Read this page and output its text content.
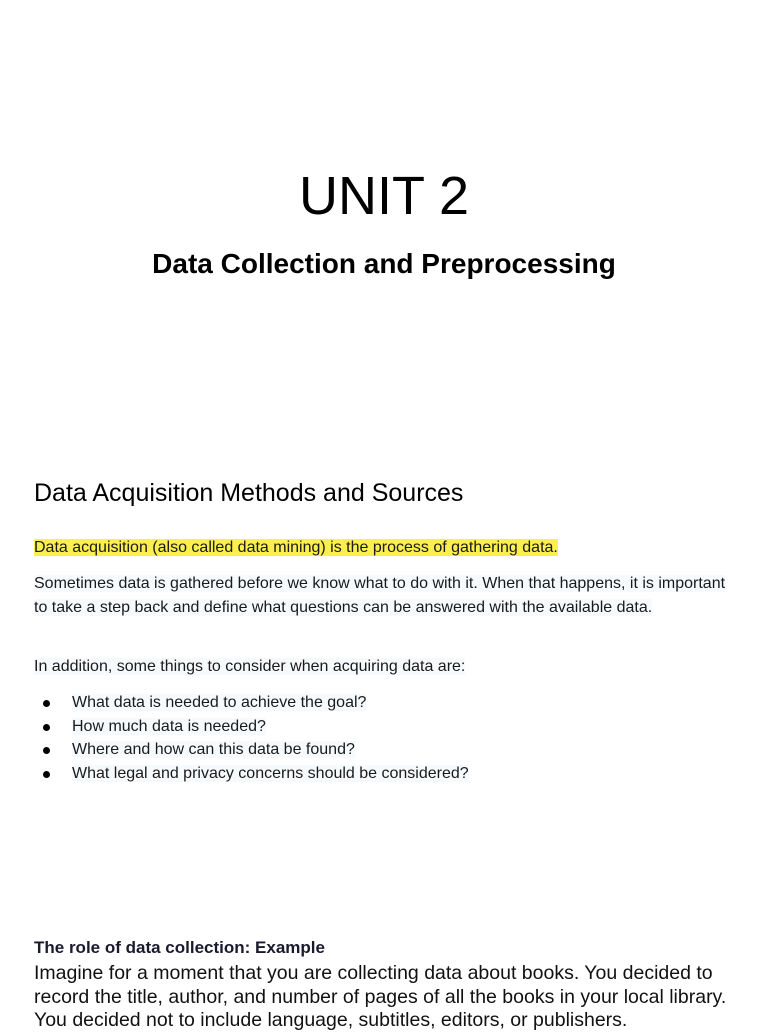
UNIT 2
Data Collection and Preprocessing
Data Acquisition Methods and Sources

Data acquisition (also called data mining) is the process of gathering data.

Sometimes data is gathered before we know what to do with it. When that happens, it is important to take a step back and define what questions can be answered with the available data.

In addition, some things to consider when acquiring data are:

What data is needed to achieve the goal?
How much data is needed?
Where and how can this data be found?
What legal and privacy concerns should be considered?
The role of data collection: Example

Imagine for a moment that you are collecting data about books. You decided to record the title, author, and number of pages of all the books in your local library. You decided not to include language, subtitles, editors, or publishers.
